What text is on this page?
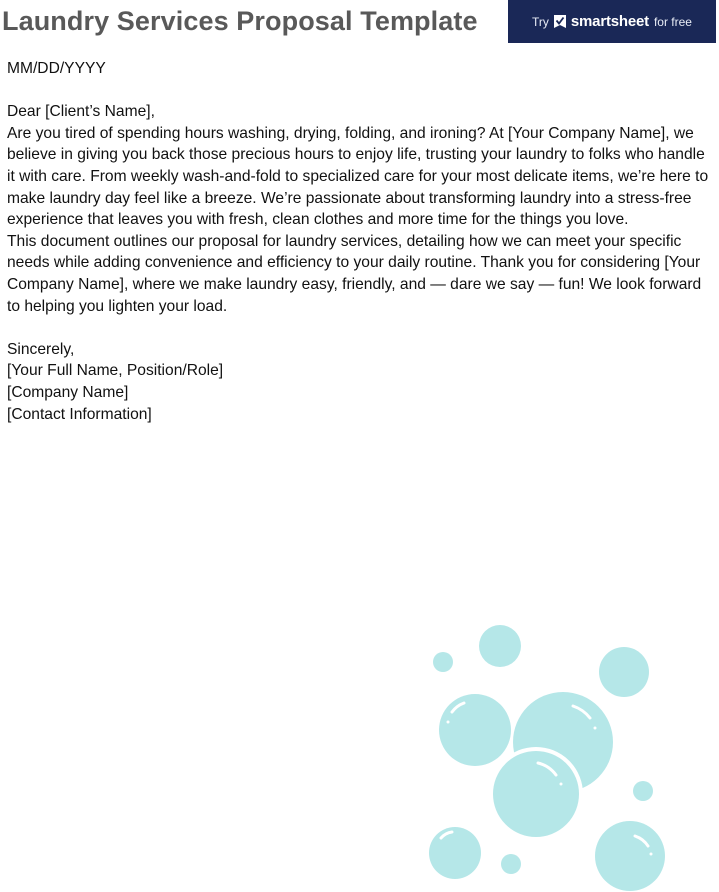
Laundry Services Proposal Template	Try smartsheet for free

MM/DD/YYYY

Dear [Client’s Name],

Are you tired of spending hours washing, drying, folding, and ironing? At [Your Company Name], we believe in giving you back those precious hours to enjoy life, trusting your laundry to folks who handle it with care. From weekly wash-and-fold to specialized care for your most delicate items, we’re here to make laundry day feel like a breeze. We’re passionate about transforming laundry into a stress-free experience that leaves you with fresh, clean clothes and more time for the things you love.

This document outlines our proposal for laundry services, detailing how we can meet your specific needs while adding convenience and efficiency to your daily routine. Thank you for considering [Your Company Name], where we make laundry easy, friendly, and — dare we say — fun! We look forward to helping you lighten your load.

Sincerely,

[Your Full Name, Position/Role]

[Company Name]

[Contact Information]
